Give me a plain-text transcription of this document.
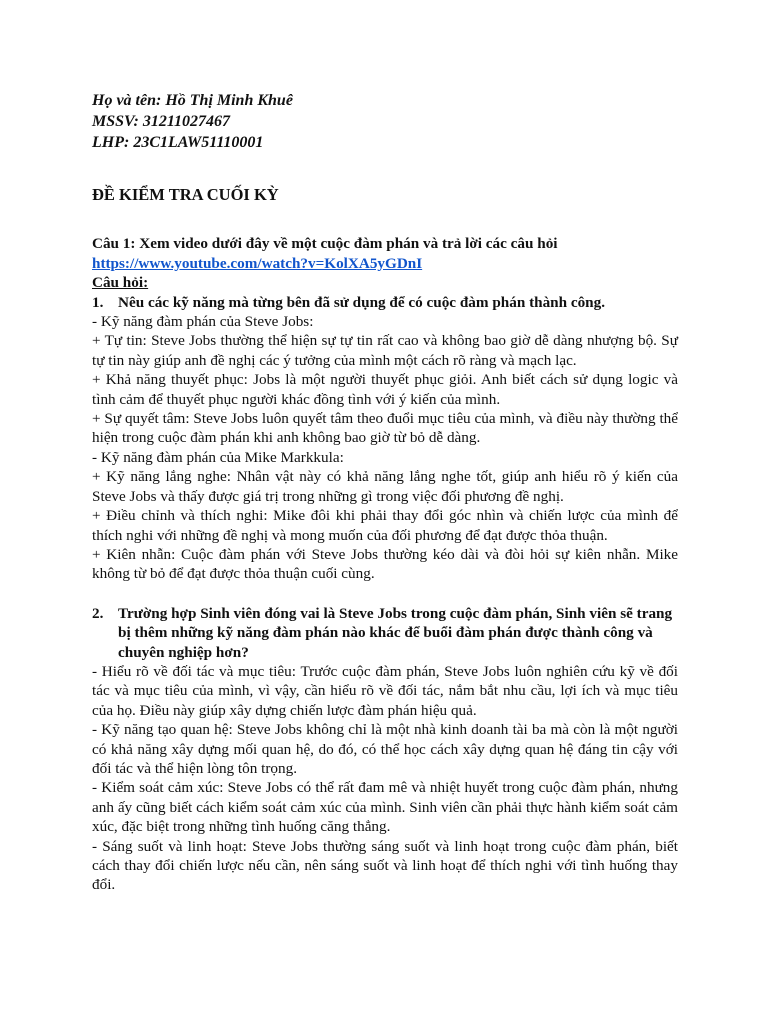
Họ và tên: Hồ Thị Minh Khuê
MSSV: 31211027467
LHP: 23C1LAW51110001
ĐỀ KIỂM TRA CUỐI KỲ
Câu 1: Xem video dưới đây về một cuộc đàm phán và trả lời các câu hỏi
https://www.youtube.com/watch?v=KolXA5yGDnI
Câu hỏi:
1. Nêu các kỹ năng mà từng bên đã sử dụng để có cuộc đàm phán thành công.
- Kỹ năng đàm phán của Steve Jobs:
+ Tự tin: Steve Jobs thường thể hiện sự tự tin rất cao và không bao giờ dễ dàng nhượng bộ. Sự tự tin này giúp anh đề nghị các ý tưởng của mình một cách rõ ràng và mạch lạc.
+ Khả năng thuyết phục: Jobs là một người thuyết phục giỏi. Anh biết cách sử dụng logic và tình cảm để thuyết phục người khác đồng tình với ý kiến của mình.
+ Sự quyết tâm: Steve Jobs luôn quyết tâm theo đuổi mục tiêu của mình, và điều này thường thể hiện trong cuộc đàm phán khi anh không bao giờ từ bỏ dễ dàng.
- Kỹ năng đàm phán của Mike Markkula:
+ Kỹ năng lắng nghe: Nhân vật này có khả năng lắng nghe tốt, giúp anh hiểu rõ ý kiến của Steve Jobs và thấy được giá trị trong những gì trong việc đối phương đề nghị.
+ Điều chỉnh và thích nghi: Mike đôi khi phải thay đổi góc nhìn và chiến lược của mình để thích nghi với những đề nghị và mong muốn của đối phương để đạt được thỏa thuận.
+ Kiên nhẫn: Cuộc đàm phán với Steve Jobs thường kéo dài và đòi hỏi sự kiên nhẫn. Mike không từ bỏ để đạt được thỏa thuận cuối cùng.
2. Trường hợp Sinh viên đóng vai là Steve Jobs trong cuộc đàm phán, Sinh viên sẽ trang bị thêm những kỹ năng đàm phán nào khác để buổi đàm phán được thành công và chuyên nghiệp hơn?
- Hiểu rõ về đối tác và mục tiêu: Trước cuộc đàm phán, Steve Jobs luôn nghiên cứu kỹ về đối tác và mục tiêu của mình, vì vậy, cần hiểu rõ về đối tác, nắm bắt nhu cầu, lợi ích và mục tiêu của họ. Điều này giúp xây dựng chiến lược đàm phán hiệu quả.
- Kỹ năng tạo quan hệ: Steve Jobs không chỉ là một nhà kinh doanh tài ba mà còn là một người có khả năng xây dựng mối quan hệ, do đó, có thể học cách xây dựng quan hệ đáng tin cậy với đối tác và thể hiện lòng tôn trọng.
- Kiểm soát cảm xúc: Steve Jobs có thể rất đam mê và nhiệt huyết trong cuộc đàm phán, nhưng anh ấy cũng biết cách kiểm soát cảm xúc của mình. Sinh viên cần phải thực hành kiểm soát cảm xúc, đặc biệt trong những tình huống căng thẳng.
- Sáng suốt và linh hoạt: Steve Jobs thường sáng suốt và linh hoạt trong cuộc đàm phán, biết cách thay đổi chiến lược nếu cần, nên sáng suốt và linh hoạt để thích nghi với tình huống thay đổi.
